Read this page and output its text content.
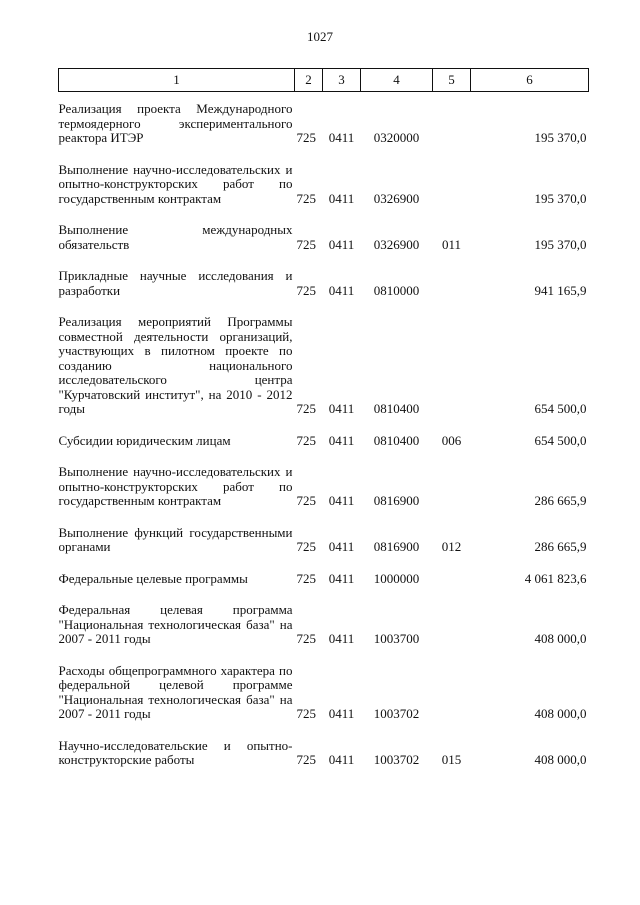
1027
1	2	3	4	5	6
Реализация проекта Международного термоядерного экспериментального реактора ИТЭР	725	0411	0320000		195 370,0
Выполнение научно-исследовательских и опытно-конструкторских работ по государственным контрактам	725	0411	0326900		195 370,0
Выполнение международных обязательств	725	0411	0326900	011	195 370,0
Прикладные научные исследования и разработки	725	0411	0810000		941 165,9
Реализация мероприятий Программы совместной деятельности организаций, участвующих в пилотном проекте по созданию национального исследовательского центра "Курчатовский институт", на 2010 - 2012 годы	725	0411	0810400		654 500,0
Субсидии юридическим лицам	725	0411	0810400	006	654 500,0
Выполнение научно-исследовательских и опытно-конструкторских работ по государственным контрактам	725	0411	0816900		286 665,9
Выполнение функций государственными органами	725	0411	0816900	012	286 665,9
Федеральные целевые программы	725	0411	1000000		4 061 823,6
Федеральная целевая программа "Национальная технологическая база" на 2007 - 2011 годы	725	0411	1003700		408 000,0
Расходы общепрограммного характера по федеральной целевой программе "Национальная технологическая база" на 2007 - 2011 годы	725	0411	1003702		408 000,0
Научно-исследовательские и опытно-конструкторские работы	725	0411	1003702	015	408 000,0
